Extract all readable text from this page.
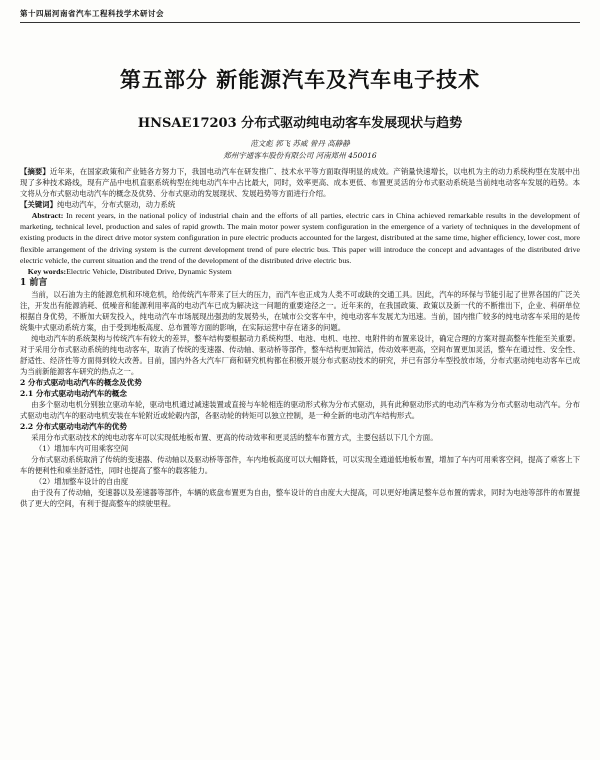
第十四届河南省汽车工程科技学术研讨会
第五部分 新能源汽车及汽车电子技术
HNSAE17203 分布式驱动纯电动客车发展现状与趋势
范文彪 郭飞 苏威 曾丹 高静静
郑州宇通客车股份有限公司 河南郑州 450016

【摘要】近年来，在国家政策和产业链各方努力下，我国电动汽车在研发推广、技术水平等方面取得明显的成效。产销量快速增长，以电机为主的动力系统构型在发展中出现了多种技术路线，现有产品中电机直驱系统构型在纯电动汽车中占比最大，同时，效率更高、成本更低、布置更灵活的分布式驱动系统是当前纯电动客车发展的趋势。本文将从分布式驱动电动汽车的概念及优势、分布式驱动的发展现状、发展趋势等方面进行介绍。

【关键词】纯电动汽车，分布式驱动，动力系统

Abstract: In recent years, in the national policy of industrial chain and the efforts of all parties, electric cars in China achieved remarkable results in the development of marketing, technical level, production and sales of rapid growth. The main motor power system configuration in the emergence of a variety of techniques in the development of existing products in the direct drive motor system configuration in pure electric products accounted for the largest, distributed at the same time, higher efficiency, lower cost, more flexible arrangement of the driving system is the current development trend of pure electric bus. This paper will introduce the concept and advantages of the distributed drive electric vehicle, the current situation and the trend of the development of the distributed drive electric bus.

Key words:Electric Vehicle, Distributed Drive, Dynamic System

1 前言

当前，以石油为主的能源危机和环境危机，给传统汽车带来了巨大的压力，而汽车也正成为人类不可或缺的交通工具。因此，汽车的环保与节能引起了世界各国的广泛关注，开发出有能源消耗、低噪音和能源利用率高的电动汽车已成为解决这一问题的重要途径之一。近年来的，在我国政策、政策以及新一代的不断推出下，企业、科研单位根据自身优势，不断加大研发投入，纯电动汽车市场展现出强劲的发展势头，在城市公交客车中，纯电动客车发展尤为迅速。当前，国内推广较多的纯电动客车采用的是传统集中式驱动系统方案，由于受到地板高度、总布置等方面的影响，在实际运营中存在诸多的问题。

纯电动汽车的系统架构与传统汽车有较大的差异，整车结构要根据动力系统构型、电池、电机、电控、电附件的布置来设计，确定合理的方案对提高整车性能至关重要。对于采用分布式驱动系统的纯电动客车，取消了传统的变速器、传动轴、驱动桥等部件，整车结构更加简洁，传动效率更高，空间布置更加灵活，整车在通过性、安全性、舒适性、经济性等方面得到较大改善。目前，国内外各大汽车厂商和研究机构都在积极开展分布式驱动技术的研究，并已有部分车型投放市场，分布式驱动纯电动客车已成为当前新能源客车研究的热点之一。

2 分布式驱动电动汽车的概念及优势
2.1 分布式驱动电动汽车的概念

由多个驱动电机分别独立驱动车轮，驱动电机通过减速装置或直接与车轮相连的驱动形式称为分布式驱动，具有此种驱动形式的电动汽车称为分布式驱动电动汽车。分布式驱动电动汽车的驱动电机安装在车轮附近或轮毂内部，各驱动轮的转矩可以独立控制，是一种全新的电动汽车结构形式。

2.2 分布式驱动电动汽车的优势

采用分布式驱动技术的纯电动客车可以实现低地板布置、更高的传动效率和更灵活的整车布置方式，主要包括以下几个方面。

（1）增加车内可用乘客空间

分布式驱动系统取消了传统的变速器、传动轴以及驱动桥等部件，车内地板高度可以大幅降低，可以实现全通道低地板布置，增加了车内可用乘客空间，提高了乘客上下车的便利性和乘坐舒适性，同时也提高了整车的载客能力。

（2）增加整车设计的自由度

由于没有了传动轴，变速器以及差速器等部件，车辆的底盘布置更为自由，整车设计的自由度大大提高，可以更好地满足整车总布置的需求，同时为电池等部件的布置提供了更大的空间，有利于提高整车的续驶里程。
